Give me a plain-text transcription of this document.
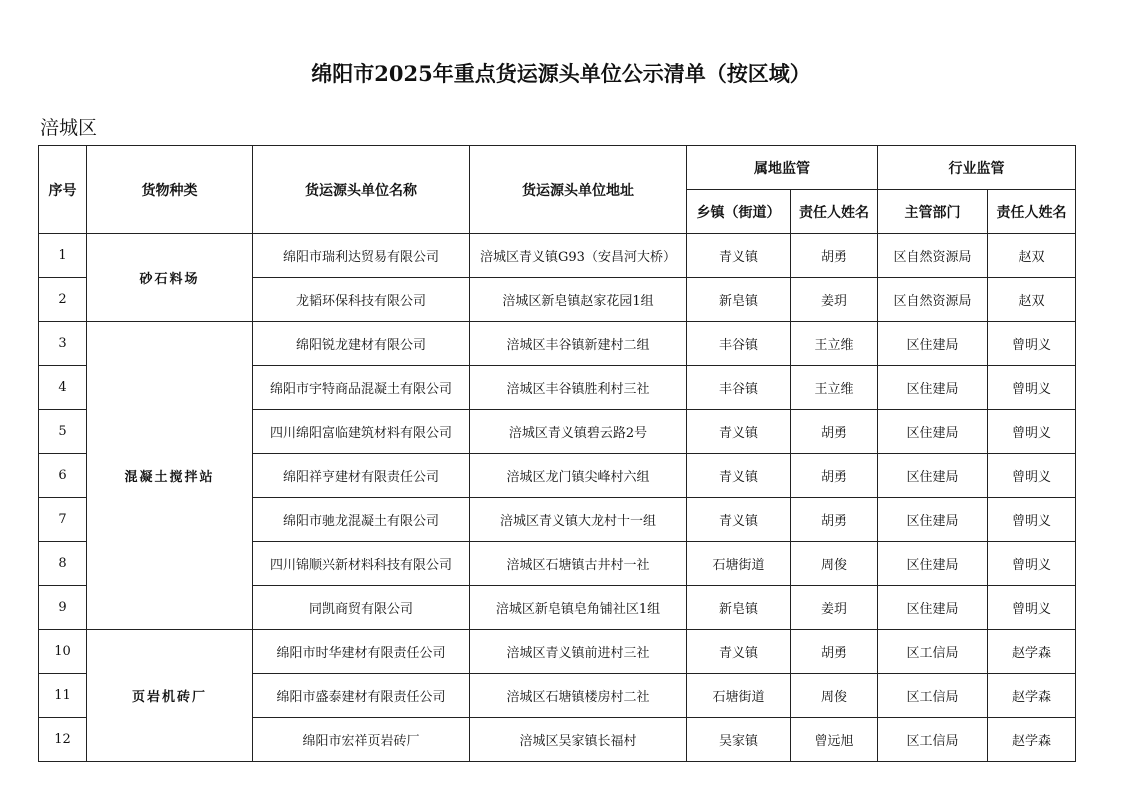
绵阳市2025年重点货运源头单位公示清单（按区域）
涪城区
序号	货物种类	货运源头单位名称	货运源头单位地址	属地监管		行业监管	
				乡镇（街道）	责任人姓名	主管部门	责任人姓名
1	砂石料场	绵阳市瑞利达贸易有限公司	涪城区青义镇G93（安昌河大桥）	青义镇	胡勇	区自然资源局	赵双
2		龙韬环保科技有限公司	涪城区新皂镇赵家花园1组	新皂镇	姜玥	区自然资源局	赵双
3	混凝土搅拌站	绵阳锐龙建材有限公司	涪城区丰谷镇新建村二组	丰谷镇	王立维	区住建局	曾明义
4		绵阳市宇特商品混凝土有限公司	涪城区丰谷镇胜利村三社	丰谷镇	王立维	区住建局	曾明义
5		四川绵阳富临建筑材料有限公司	涪城区青义镇碧云路2号	青义镇	胡勇	区住建局	曾明义
6		绵阳祥亨建材有限责任公司	涪城区龙门镇尖峰村六组	青义镇	胡勇	区住建局	曾明义
7		绵阳市驰龙混凝土有限公司	涪城区青义镇大龙村十一组	青义镇	胡勇	区住建局	曾明义
8		四川锦顺兴新材料科技有限公司	涪城区石塘镇古井村一社	石塘街道	周俊	区住建局	曾明义
9		同凯商贸有限公司	涪城区新皂镇皂角铺社区1组	新皂镇	姜玥	区住建局	曾明义
10	页岩机砖厂	绵阳市时华建材有限责任公司	涪城区青义镇前进村三社	青义镇	胡勇	区工信局	赵学森
11		绵阳市盛泰建材有限责任公司	涪城区石塘镇楼房村二社	石塘街道	周俊	区工信局	赵学森
12		绵阳市宏祥页岩砖厂	涪城区吴家镇长福村	吴家镇	曾远旭	区工信局	赵学森
